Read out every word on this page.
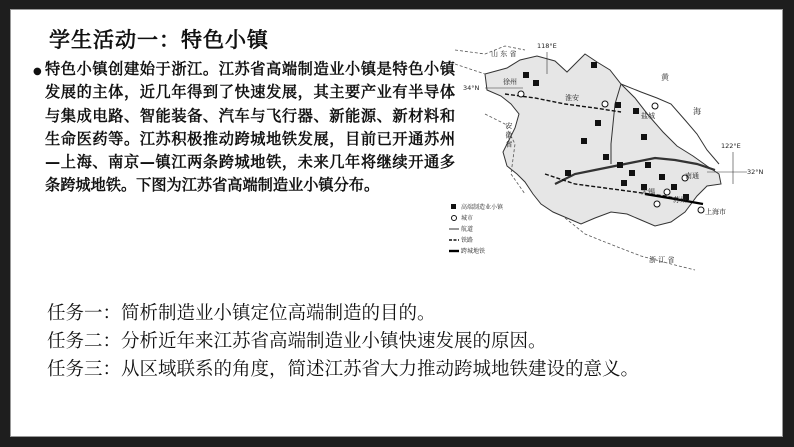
学生活动一：特色小镇
● 特色小镇创建始于浙江。江苏省高端制造业小镇是特色小镇发展的主体，近几年得到了快速发展，其主要产业有半导体与集成电路、智能装备、汽车与飞行器、新能源、新材料和生命医药等。江苏积极推动跨城地铁发展，目前已开通苏州—上海、南京—镇江两条跨城地铁，未来几年将继续开通多条跨城地铁。下图为江苏省高端制造业小镇分布。
山 东 省
118°E
34°N
徐州	黄
海
安 徽 省
淮安
盐城
122°E
32°N
南通
无锡
苏州
上海市
浙 江 省
高端制造业小镇
城市
航道
铁路
跨城地铁
任务一：简析制造业小镇定位高端制造的目的。
任务二：分析近年来江苏省高端制造业小镇快速发展的原因。
任务三：从区域联系的角度，简述江苏省大力推动跨城地铁建设的意义。
